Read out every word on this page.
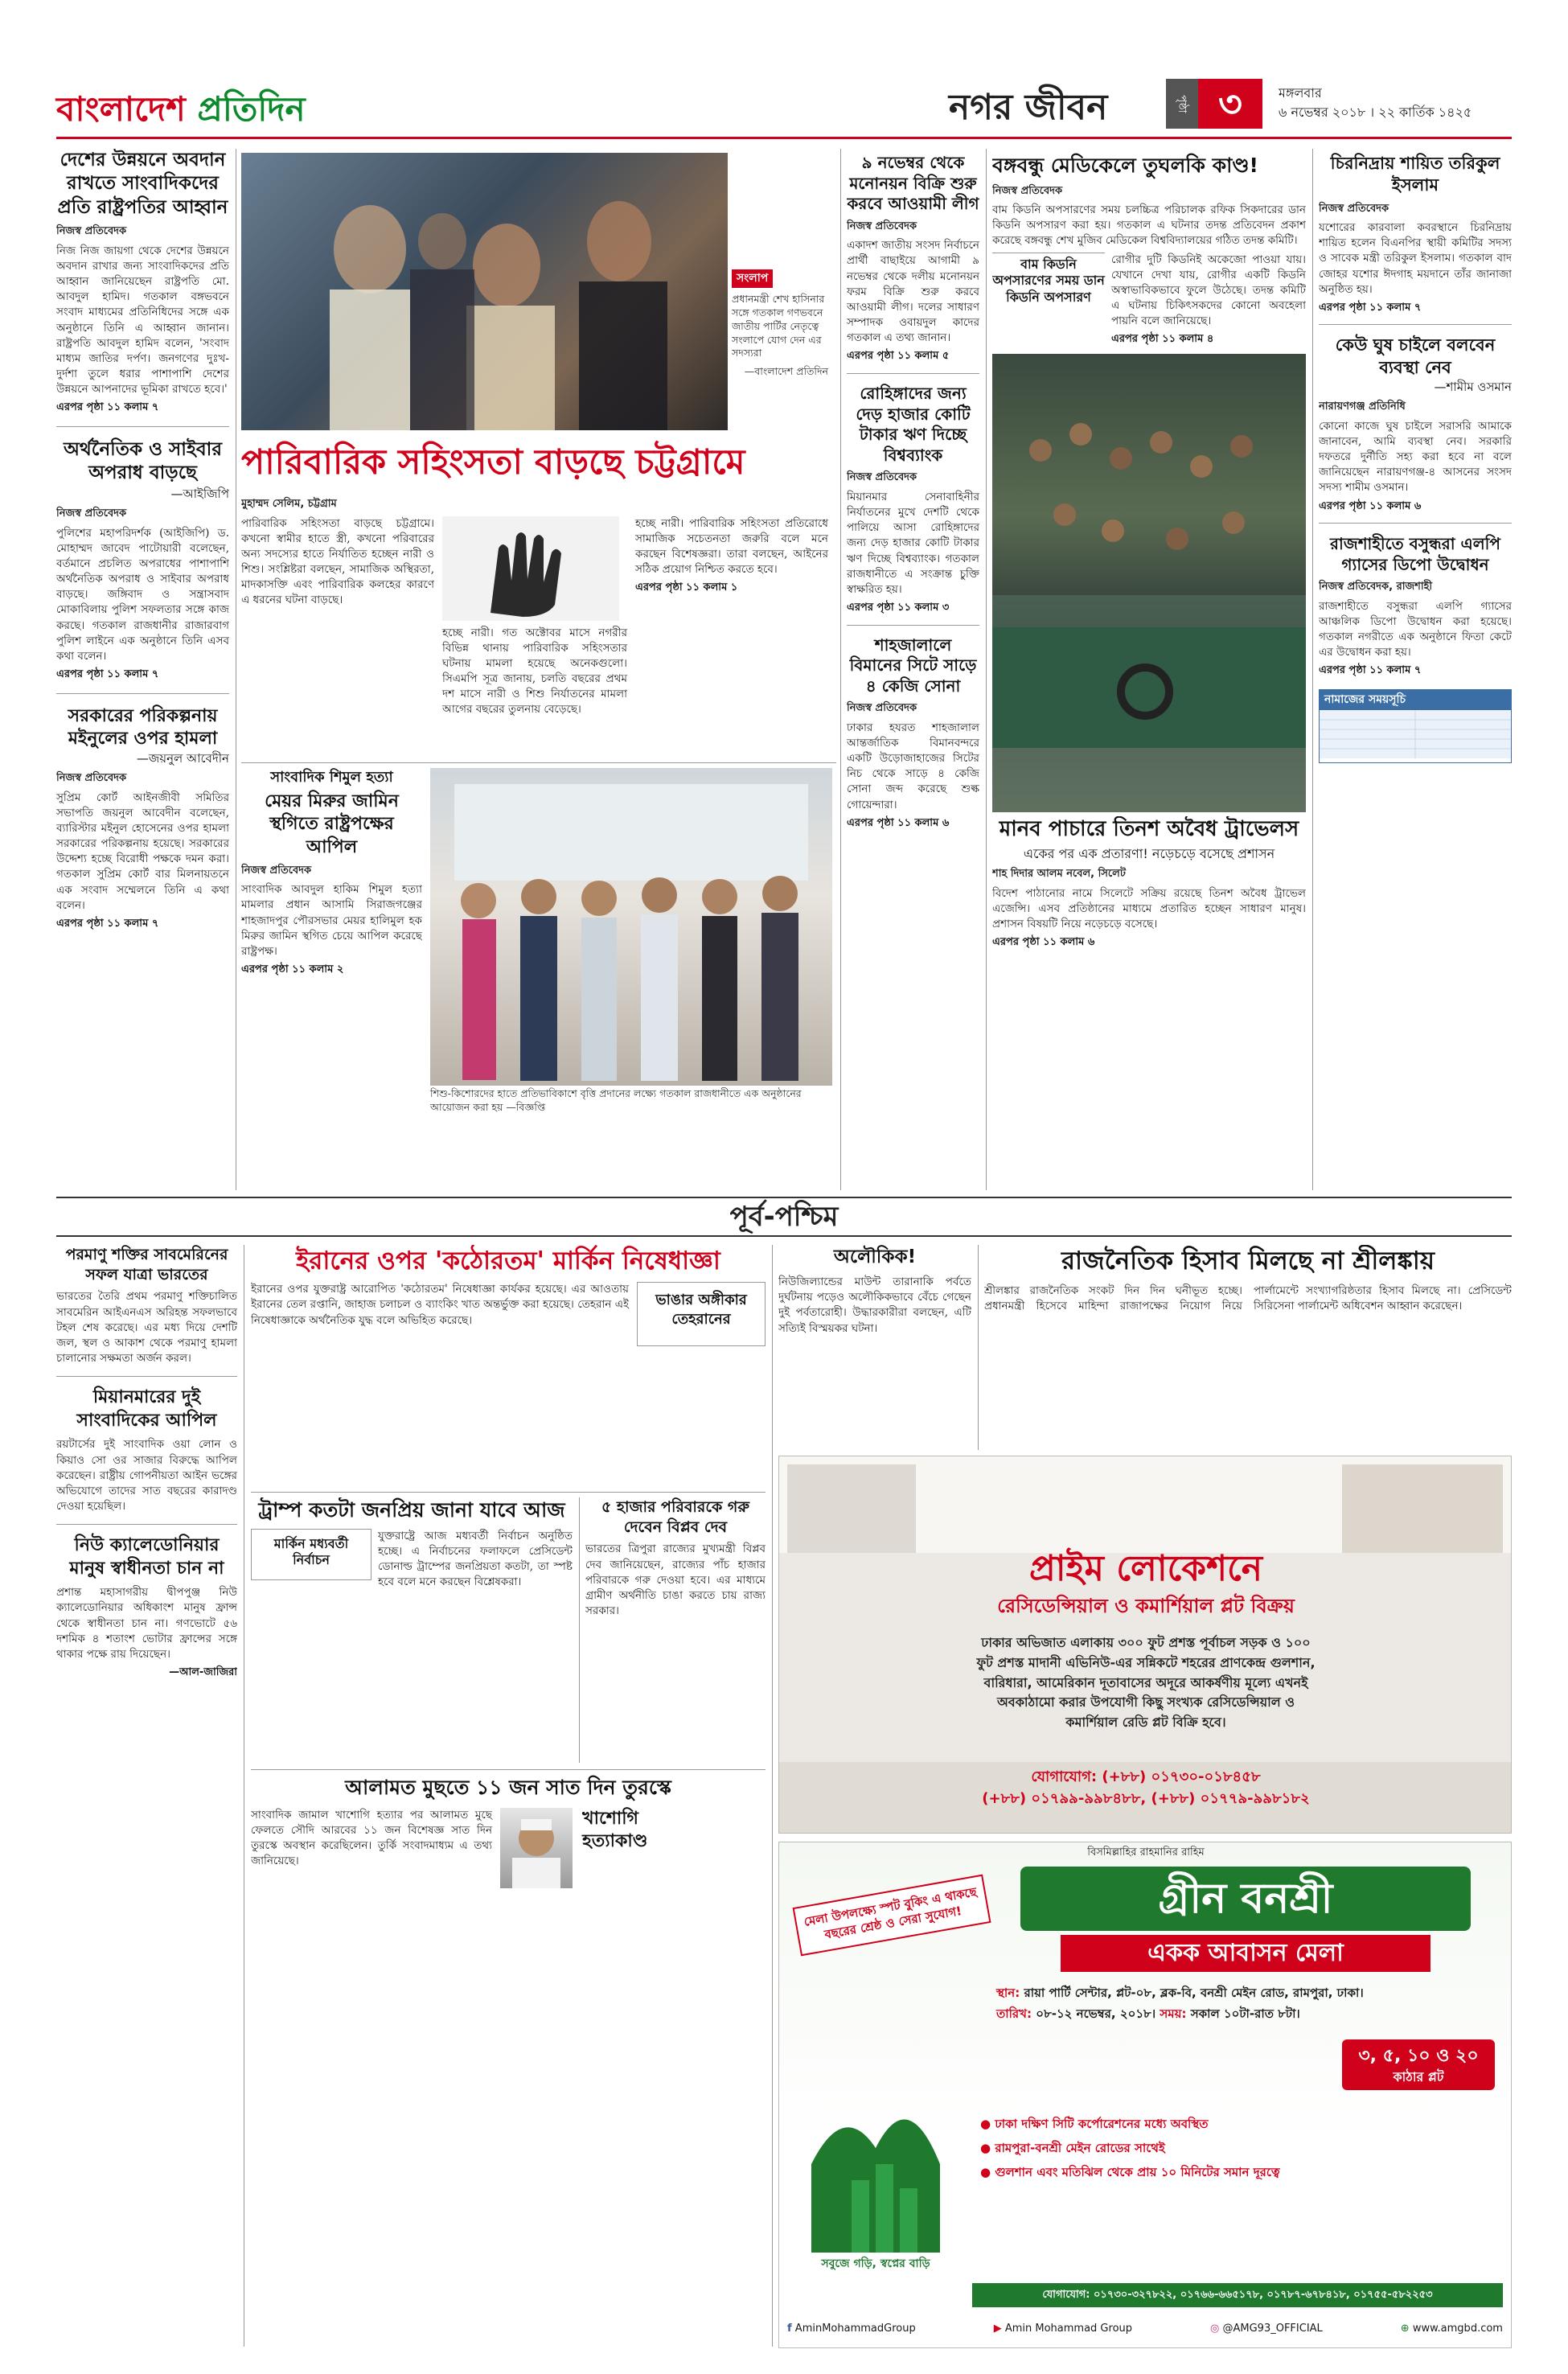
বাংলাদেশ প্রতিদিন	নগর জীবন	পৃষ্ঠা ৩	মঙ্গলবার
৬ নভেম্বর ২০১৮ । ২২ কার্তিক ১৪২৫
দেশের উন্নয়নে অবদান রাখতে সাংবাদিকদের প্রতি রাষ্ট্রপতির আহ্বান
নিজস্ব প্রতিবেদক
নিজ নিজ জায়গা থেকে দেশের উন্নয়নে অবদান রাখার জন্য সাংবাদিকদের প্রতি আহ্বান জানিয়েছেন রাষ্ট্রপতি মো. আবদুল হামিদ। গতকাল বঙ্গভবনে সংবাদ মাধ্যমের প্রতিনিধিদের সঙ্গে এক অনুষ্ঠানে তিনি এ আহ্বান জানান। রাষ্ট্রপতি আবদুল হামিদ বলেন, 'সংবাদ মাধ্যম জাতির দর্পণ। জনগণের দুঃখ-দুর্দশা তুলে ধরার পাশাপাশি দেশের উন্নয়নে আপনাদের ভূমিকা রাখতে হবে।'
এরপর পৃষ্ঠা ১১ কলাম ৭
অর্থনৈতিক ও সাইবার অপরাধ বাড়ছে
—আইজিপি
নিজস্ব প্রতিবেদক
পুলিশের মহাপরিদর্শক (আইজিপি) ড. মোহাম্মদ জাবেদ পাটোয়ারী বলেছেন, বর্তমানে প্রচলিত অপরাধের পাশাপাশি অর্থনৈতিক অপরাধ ও সাইবার অপরাধ বাড়ছে। জঙ্গিবাদ ও সন্ত্রাসবাদ মোকাবিলায় পুলিশ সফলতার সঙ্গে কাজ করছে। গতকাল রাজধানীর রাজারবাগ পুলিশ লাইনে এক অনুষ্ঠানে তিনি এসব কথা বলেন।
এরপর পৃষ্ঠা ১১ কলাম ৭
সরকারের পরিকল্পনায় মইনুলের ওপর হামলা
—জয়নুল আবেদীন
নিজস্ব প্রতিবেদক
সুপ্রিম কোর্ট আইনজীবী সমিতির সভাপতি জয়নুল আবেদীন বলেছেন, ব্যারিস্টার মইনুল হোসেনের ওপর হামলা সরকারের পরিকল্পনায় হয়েছে। সরকারের উদ্দেশ্য হচ্ছে বিরোধী পক্ষকে দমন করা। গতকাল সুপ্রিম কোর্ট বার মিলনায়তনে এক সংবাদ সম্মেলনে তিনি এ কথা বলেন।
এরপর পৃষ্ঠা ১১ কলাম ৭
সংলাপ
প্রধানমন্ত্রী শেখ হাসিনার সঙ্গে গতকাল গণভবনে জাতীয় পার্টির নেতৃত্বে সংলাপে যোগ দেন এর সদস্যরা
—বাংলাদেশ প্রতিদিন
পারিবারিক সহিংসতা বাড়ছে চট্টগ্রামে
মুহাম্মদ সেলিম, চট্টগ্রাম
পারিবারিক সহিংসতা বাড়ছে চট্টগ্রামে। কখনো স্বামীর হাতে স্ত্রী, কখনো পরিবারের অন্য সদস্যের হাতে নির্যাতিত হচ্ছেন নারী ও শিশু। সংশ্লিষ্টরা বলছেন, সামাজিক অস্থিরতা, মাদকাসক্তি এবং পারিবারিক কলহের কারণে এ ধরনের ঘটনা বাড়ছে।
হচ্ছে নারী। গত অক্টোবর মাসে নগরীর বিভিন্ন থানায় পারিবারিক সহিংসতার ঘটনায় মামলা হয়েছে অনেকগুলো। সিএমপি সূত্র জানায়, চলতি বছরের প্রথম দশ মাসে নারী ও শিশু নির্যাতনের মামলা আগের বছরের তুলনায় বেড়েছে।
হচ্ছে নারী। পারিবারিক সহিংসতা প্রতিরোধে সামাজিক সচেতনতা জরুরি বলে মনে করছেন বিশেষজ্ঞরা। তারা বলছেন, আইনের সঠিক প্রয়োগ নিশ্চিত করতে হবে।
এরপর পৃষ্ঠা ১১ কলাম ১
সাংবাদিক শিমুল হত্যা
মেয়র মিরুর জামিন স্থগিতে রাষ্ট্রপক্ষের আপিল
নিজস্ব প্রতিবেদক
সাংবাদিক আবদুল হাকিম শিমুল হত্যা মামলার প্রধান আসামি সিরাজগঞ্জের শাহজাদপুর পৌরসভার মেয়র হালিমুল হক মিরুর জামিন স্থগিত চেয়ে আপিল করেছে রাষ্ট্রপক্ষ।
এরপর পৃষ্ঠা ১১ কলাম ২
শিশু-কিশোরদের হাতে প্রতিভাবিকাশে বৃত্তি প্রদানের লক্ষ্যে গতকাল রাজধানীতে এক অনুষ্ঠানের আয়োজন করা হয় —বিজ্ঞপ্তি
৯ নভেম্বর থেকে মনোনয়ন বিক্রি শুরু করবে আওয়ামী লীগ
নিজস্ব প্রতিবেদক
একাদশ জাতীয় সংসদ নির্বাচনে প্রার্থী বাছাইয়ে আগামী ৯ নভেম্বর থেকে দলীয় মনোনয়ন ফরম বিক্রি শুরু করবে আওয়ামী লীগ। দলের সাধারণ সম্পাদক ওবায়দুল কাদের গতকাল এ তথ্য জানান।
এরপর পৃষ্ঠা ১১ কলাম ৫
রোহিঙ্গাদের জন্য দেড় হাজার কোটি টাকার ঋণ দিচ্ছে বিশ্বব্যাংক
নিজস্ব প্রতিবেদক
মিয়ানমার সেনাবাহিনীর নির্যাতনের মুখে দেশটি থেকে পালিয়ে আসা রোহিঙ্গাদের জন্য দেড় হাজার কোটি টাকার ঋণ দিচ্ছে বিশ্বব্যাংক। গতকাল রাজধানীতে এ সংক্রান্ত চুক্তি স্বাক্ষরিত হয়।
এরপর পৃষ্ঠা ১১ কলাম ৩
শাহজালালে বিমানের সিটে সাড়ে ৪ কেজি সোনা
নিজস্ব প্রতিবেদক
ঢাকার হযরত শাহজালাল আন্তর্জাতিক বিমানবন্দরে একটি উড়োজাহাজের সিটের নিচ থেকে সাড়ে ৪ কেজি সোনা জব্দ করেছে শুল্ক গোয়েন্দারা।
এরপর পৃষ্ঠা ১১ কলাম ৬
বঙ্গবন্ধু মেডিকেলে তুঘলকি কাণ্ড!
নিজস্ব প্রতিবেদক
বাম কিডনি অপসারণের সময় চলচ্চিত্র পরিচালক রফিক সিকদারের ডান কিডনি অপসারণ করা হয়। গতকাল এ ঘটনার তদন্ত প্রতিবেদন প্রকাশ করেছে বঙ্গবন্ধু শেখ মুজিব মেডিকেল বিশ্ববিদ্যালয়ের গঠিত তদন্ত কমিটি।
বাম কিডনি অপসারণের সময় ডান কিডনি অপসারণ
রোগীর দুটি কিডনিই অকেজো পাওয়া যায়। যেখানে দেখা যায়, রোগীর একটি কিডনি অস্বাভাবিকভাবে ফুলে উঠেছে। তদন্ত কমিটি এ ঘটনায় চিকিৎসকদের কোনো অবহেলা পায়নি বলে জানিয়েছে।
এরপর পৃষ্ঠা ১১ কলাম ৪
চিরনিদ্রায় শায়িত তরিকুল ইসলাম
নিজস্ব প্রতিবেদক
যশোরের কারবালা কবরস্থানে চিরনিদ্রায় শায়িত হলেন বিএনপির স্থায়ী কমিটির সদস্য ও সাবেক মন্ত্রী তরিকুল ইসলাম। গতকাল বাদ জোহর যশোর ঈদগাহ ময়দানে তাঁর জানাজা অনুষ্ঠিত হয়।
এরপর পৃষ্ঠা ১১ কলাম ৭
কেউ ঘুষ চাইলে বলবেন ব্যবস্থা নেব
—শামীম ওসমান
নারায়ণগঞ্জ প্রতিনিধি
কোনো কাজে ঘুষ চাইলে সরাসরি আমাকে জানাবেন, আমি ব্যবস্থা নেব। সরকারি দফতরে দুর্নীতি সহ্য করা হবে না বলে জানিয়েছেন নারায়ণগঞ্জ-৪ আসনের সংসদ সদস্য শামীম ওসমান।
এরপর পৃষ্ঠা ১১ কলাম ৬
রাজশাহীতে বসুন্ধরা এলপি গ্যাসের ডিপো উদ্বোধন
নিজস্ব প্রতিবেদক, রাজশাহী
রাজশাহীতে বসুন্ধরা এলপি গ্যাসের আঞ্চলিক ডিপো উদ্বোধন করা হয়েছে। গতকাল নগরীতে এক অনুষ্ঠানে ফিতা কেটে এর উদ্বোধন করা হয়।
এরপর পৃষ্ঠা ১১ কলাম ৭
নামাজের সময়সূচি
মানব পাচারে তিনশ অবৈধ ট্রাভেলস
একের পর এক প্রতারণা! নড়েচড়ে বসেছে প্রশাসন
শাহ দিদার আলম নবেল, সিলেট
বিদেশ পাঠানোর নামে সিলেটে সক্রিয় রয়েছে তিনশ অবৈধ ট্রাভেল এজেন্সি। এসব প্রতিষ্ঠানের মাধ্যমে প্রতারিত হচ্ছেন সাধারণ মানুষ। প্রশাসন বিষয়টি নিয়ে নড়েচড়ে বসেছে।
এরপর পৃষ্ঠা ১১ কলাম ৬
পূর্ব-পশ্চিম
পরমাণু শক্তির সাবমেরিনের সফল যাত্রা ভারতের
ভারতের তৈরি প্রথম পরমাণু শক্তিচালিত সাবমেরিন আইএনএস অরিহন্ত সফলভাবে টহল শেষ করেছে। এর মধ্য দিয়ে দেশটি জল, স্থল ও আকাশ থেকে পরমাণু হামলা চালানোর সক্ষমতা অর্জন করল।
মিয়ানমারের দুই সাংবাদিকের আপিল
রয়টার্সের দুই সাংবাদিক ওয়া লোন ও কিয়াও সো ওর সাজার বিরুদ্ধে আপিল করেছেন। রাষ্ট্রীয় গোপনীয়তা আইন ভঙ্গের অভিযোগে তাদের সাত বছরের কারাদণ্ড দেওয়া হয়েছিল।
নিউ ক্যালেডোনিয়ার মানুষ স্বাধীনতা চান না
প্রশান্ত মহাসাগরীয় দ্বীপপুঞ্জ নিউ ক্যালেডোনিয়ার অধিকাংশ মানুষ ফ্রান্স থেকে স্বাধীনতা চান না। গণভোটে ৫৬ দশমিক ৪ শতাংশ ভোটার ফ্রান্সের সঙ্গে থাকার পক্ষে রায় দিয়েছেন।
—আল-জাজিরা
ইরানের ওপর 'কঠোরতম' মার্কিন নিষেধাজ্ঞা
ইরানের ওপর যুক্তরাষ্ট্র আরোপিত 'কঠোরতম' নিষেধাজ্ঞা কার্যকর হয়েছে। এর আওতায় ইরানের তেল রপ্তানি, জাহাজ চলাচল ও ব্যাংকিং খাত অন্তর্ভুক্ত করা হয়েছে। তেহরান এই নিষেধাজ্ঞাকে অর্থনৈতিক যুদ্ধ বলে অভিহিত করেছে।
ভাঙার অঙ্গীকার তেহরানের
ট্রাম্প কতটা জনপ্রিয় জানা যাবে আজ
মার্কিন মধ্যবর্তী নির্বাচন
যুক্তরাষ্ট্রে আজ মধ্যবর্তী নির্বাচন অনুষ্ঠিত হচ্ছে। এ নির্বাচনের ফলাফলে প্রেসিডেন্ট ডোনাল্ড ট্রাম্পের জনপ্রিয়তা কতটা, তা স্পষ্ট হবে বলে মনে করছেন বিশ্লেষকরা।
৫ হাজার পরিবারকে গরু দেবেন বিপ্লব দেব
ভারতের ত্রিপুরা রাজ্যের মুখ্যমন্ত্রী বিপ্লব দেব জানিয়েছেন, রাজ্যের পাঁচ হাজার পরিবারকে গরু দেওয়া হবে। এর মাধ্যমে গ্রামীণ অর্থনীতি চাঙা করতে চায় রাজ্য সরকার।
আলামত মুছতে ১১ জন সাত দিন তুরস্কে
সাংবাদিক জামাল খাশোগি হত্যার পর আলামত মুছে ফেলতে সৌদি আরবের ১১ জন বিশেষজ্ঞ সাত দিন তুরস্কে অবস্থান করেছিলেন। তুর্কি সংবাদমাধ্যম এ তথ্য জানিয়েছে।
খাশোগি হত্যাকাণ্ড
অলৌকিক!
নিউজিল্যান্ডের মাউন্ট তারানাকি পর্বতে দুর্ঘটনায় পড়েও অলৌকিকভাবে বেঁচে গেছেন দুই পর্বতারোহী। উদ্ধারকারীরা বলছেন, এটি সত্যিই বিস্ময়কর ঘটনা।
রাজনৈতিক হিসাব মিলছে না শ্রীলঙ্কায়
শ্রীলঙ্কার রাজনৈতিক সংকট দিন দিন ঘনীভূত হচ্ছে। প্রধানমন্ত্রী হিসেবে মাহিন্দা রাজাপক্ষের নিয়োগ নিয়ে পার্লামেন্টে সংখ্যাগরিষ্ঠতার হিসাব মিলছে না। প্রেসিডেন্ট সিরিসেনা পার্লামেন্ট অধিবেশন আহ্বান করেছেন।
প্রাইম লোকেশনে
রেসিডেন্সিয়াল ও কমার্শিয়াল প্লট বিক্রয়
ঢাকার অভিজাত এলাকায় ৩০০ ফুট প্রশস্ত পূর্বাচল সড়ক ও ১০০
ফুট প্রশস্ত মাদানী এভিনিউ-এর সন্নিকটে শহরের প্রাণকেন্দ্র গুলশান,
বারিধারা, আমেরিকান দূতাবাসের অদূরে আকর্ষণীয় মূল্যে এখনই
অবকাঠামো করার উপযোগী কিছু সংখ্যক রেসিডেন্সিয়াল ও
কমার্শিয়াল রেডি প্লট বিক্রি হবে।
যোগাযোগ: (+৮৮) ০১৭৩০-০১৮৪৫৮
(+৮৮) ০১৭৯৯-৯৯৮৪৮৮, (+৮৮) ০১৭৭৯-৯৯৮১৮২
বিসমিল্লাহির রাহমানির রাহিম
মেলা উপলক্ষ্যে স্পট বুকিং এ থাকছে বছরের শ্রেষ্ঠ ও সেরা সুযোগ!
গ্রীন বনশ্রী
একক আবাসন মেলা
স্থান: রায়া পার্টি সেন্টার, প্লট-০৮, ব্লক-বি, বনশ্রী মেইন রোড, রামপুরা, ঢাকা।
তারিখ: ০৮-১২ নভেম্বর, ২০১৮। সময়: সকাল ১০টা-রাত ৮টা।
সবুজে গড়ি, স্বপ্নের বাড়ি
৩, ৫, ১০ ও ২০
কাঠার প্লট
● ঢাকা দক্ষিণ সিটি কর্পোরেশনের মধ্যে অবস্থিত
● রামপুরা-বনশ্রী মেইন রোডের সাথেই
● গুলশান এবং মতিঝিল থেকে প্রায় ১০ মিনিটের সমান দূরত্বে
যোগাযোগ: ০১৭৩০-৩২৭৮২২, ০১৭৬৬-৬৬৫১৭৮, ০১৭৮৭-৬৭৮৪১৮, ০১৭৫৫-৫৮২২৫৩
f AminMohammadGroup	▶ Amin Mohammad Group	◎ @AMG93_OFFICIAL	⊕ www.amgbd.com
